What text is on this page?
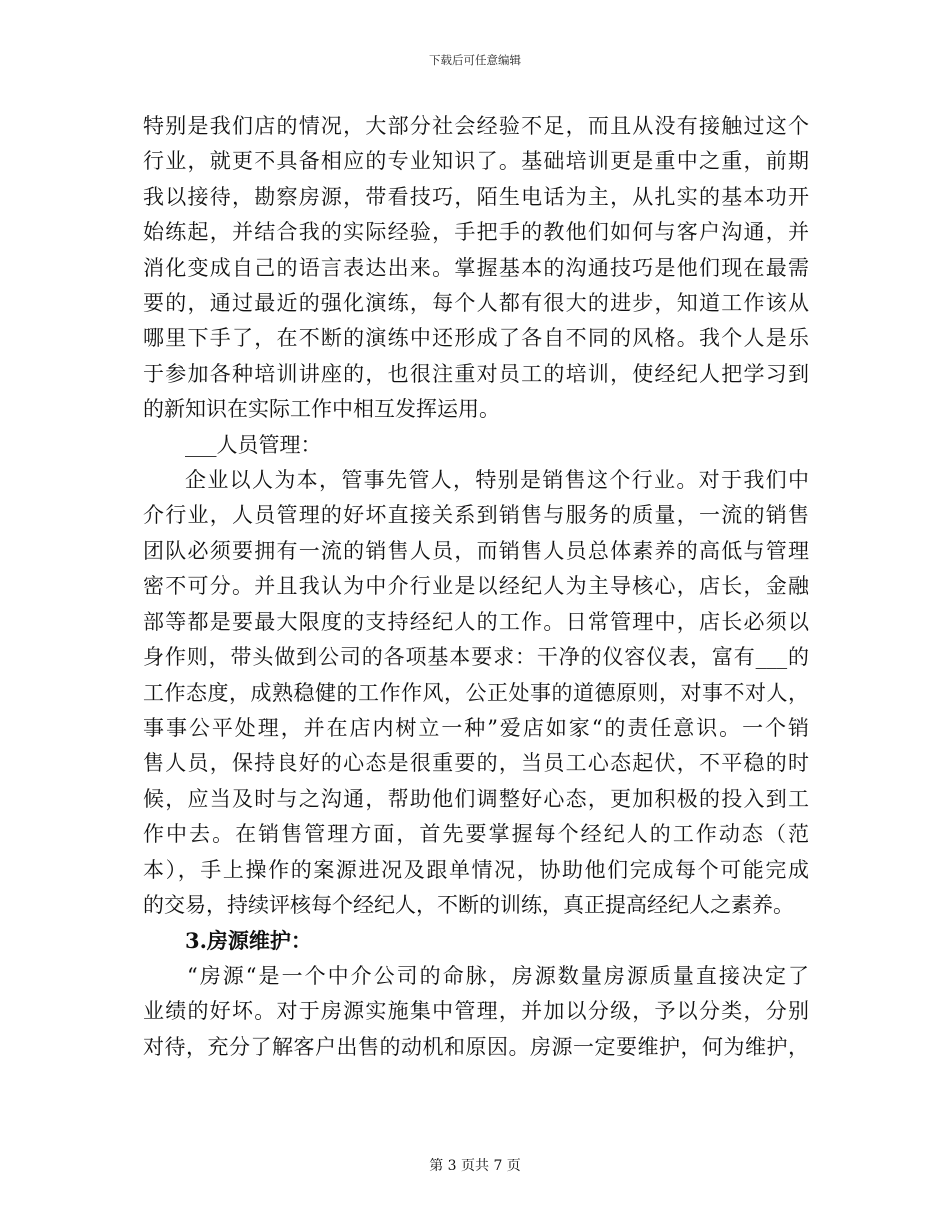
下载后可任意编辑

特别是我们店的情况，大部分社会经验不足，而且从没有接触过这个

行业，就更不具备相应的专业知识了。基础培训更是重中之重，前期

我以接待，勘察房源，带看技巧，陌生电话为主，从扎实的基本功开

始练起，并结合我的实际经验，手把手的教他们如何与客户沟通，并

消化变成自己的语言表达出来。掌握基本的沟通技巧是他们现在最需

要的，通过最近的强化演练，每个人都有很大的进步，知道工作该从

哪里下手了，在不断的演练中还形成了各自不同的风格。我个人是乐

于参加各种培训讲座的，也很注重对员工的培训，使经纪人把学习到

的新知识在实际工作中相互发挥运用。

___人员管理：

企业以人为本，管事先管人，特别是销售这个行业。对于我们中

介行业，人员管理的好坏直接关系到销售与服务的质量，一流的销售

团队必须要拥有一流的销售人员，而销售人员总体素养的高低与管理

密不可分。并且我认为中介行业是以经纪人为主导核心，店长，金融

部等都是要最大限度的支持经纪人的工作。日常管理中，店长必须以

身作则，带头做到公司的各项基本要求：干净的仪容仪表，富有___的

工作态度，成熟稳健的工作作风，公正处事的道德原则，对事不对人，

事事公平处理，并在店内树立一种”爱店如家“的责任意识。一个销

售人员，保持良好的心态是很重要的，当员工心态起伏，不平稳的时

候，应当及时与之沟通，帮助他们调整好心态，更加积极的投入到工

作中去。在销售管理方面，首先要掌握每个经纪人的工作动态（范

本），手上操作的案源进况及跟单情况，协助他们完成每个可能完成

的交易，持续评核每个经纪人，不断的训练，真正提高经纪人之素养。

3.房源维护：

“房源“是一个中介公司的命脉，房源数量房源质量直接决定了

业绩的好坏。对于房源实施集中管理，并加以分级，予以分类，分别

对待，充分了解客户出售的动机和原因。房源一定要维护，何为维护，

第 3 页共 7 页
